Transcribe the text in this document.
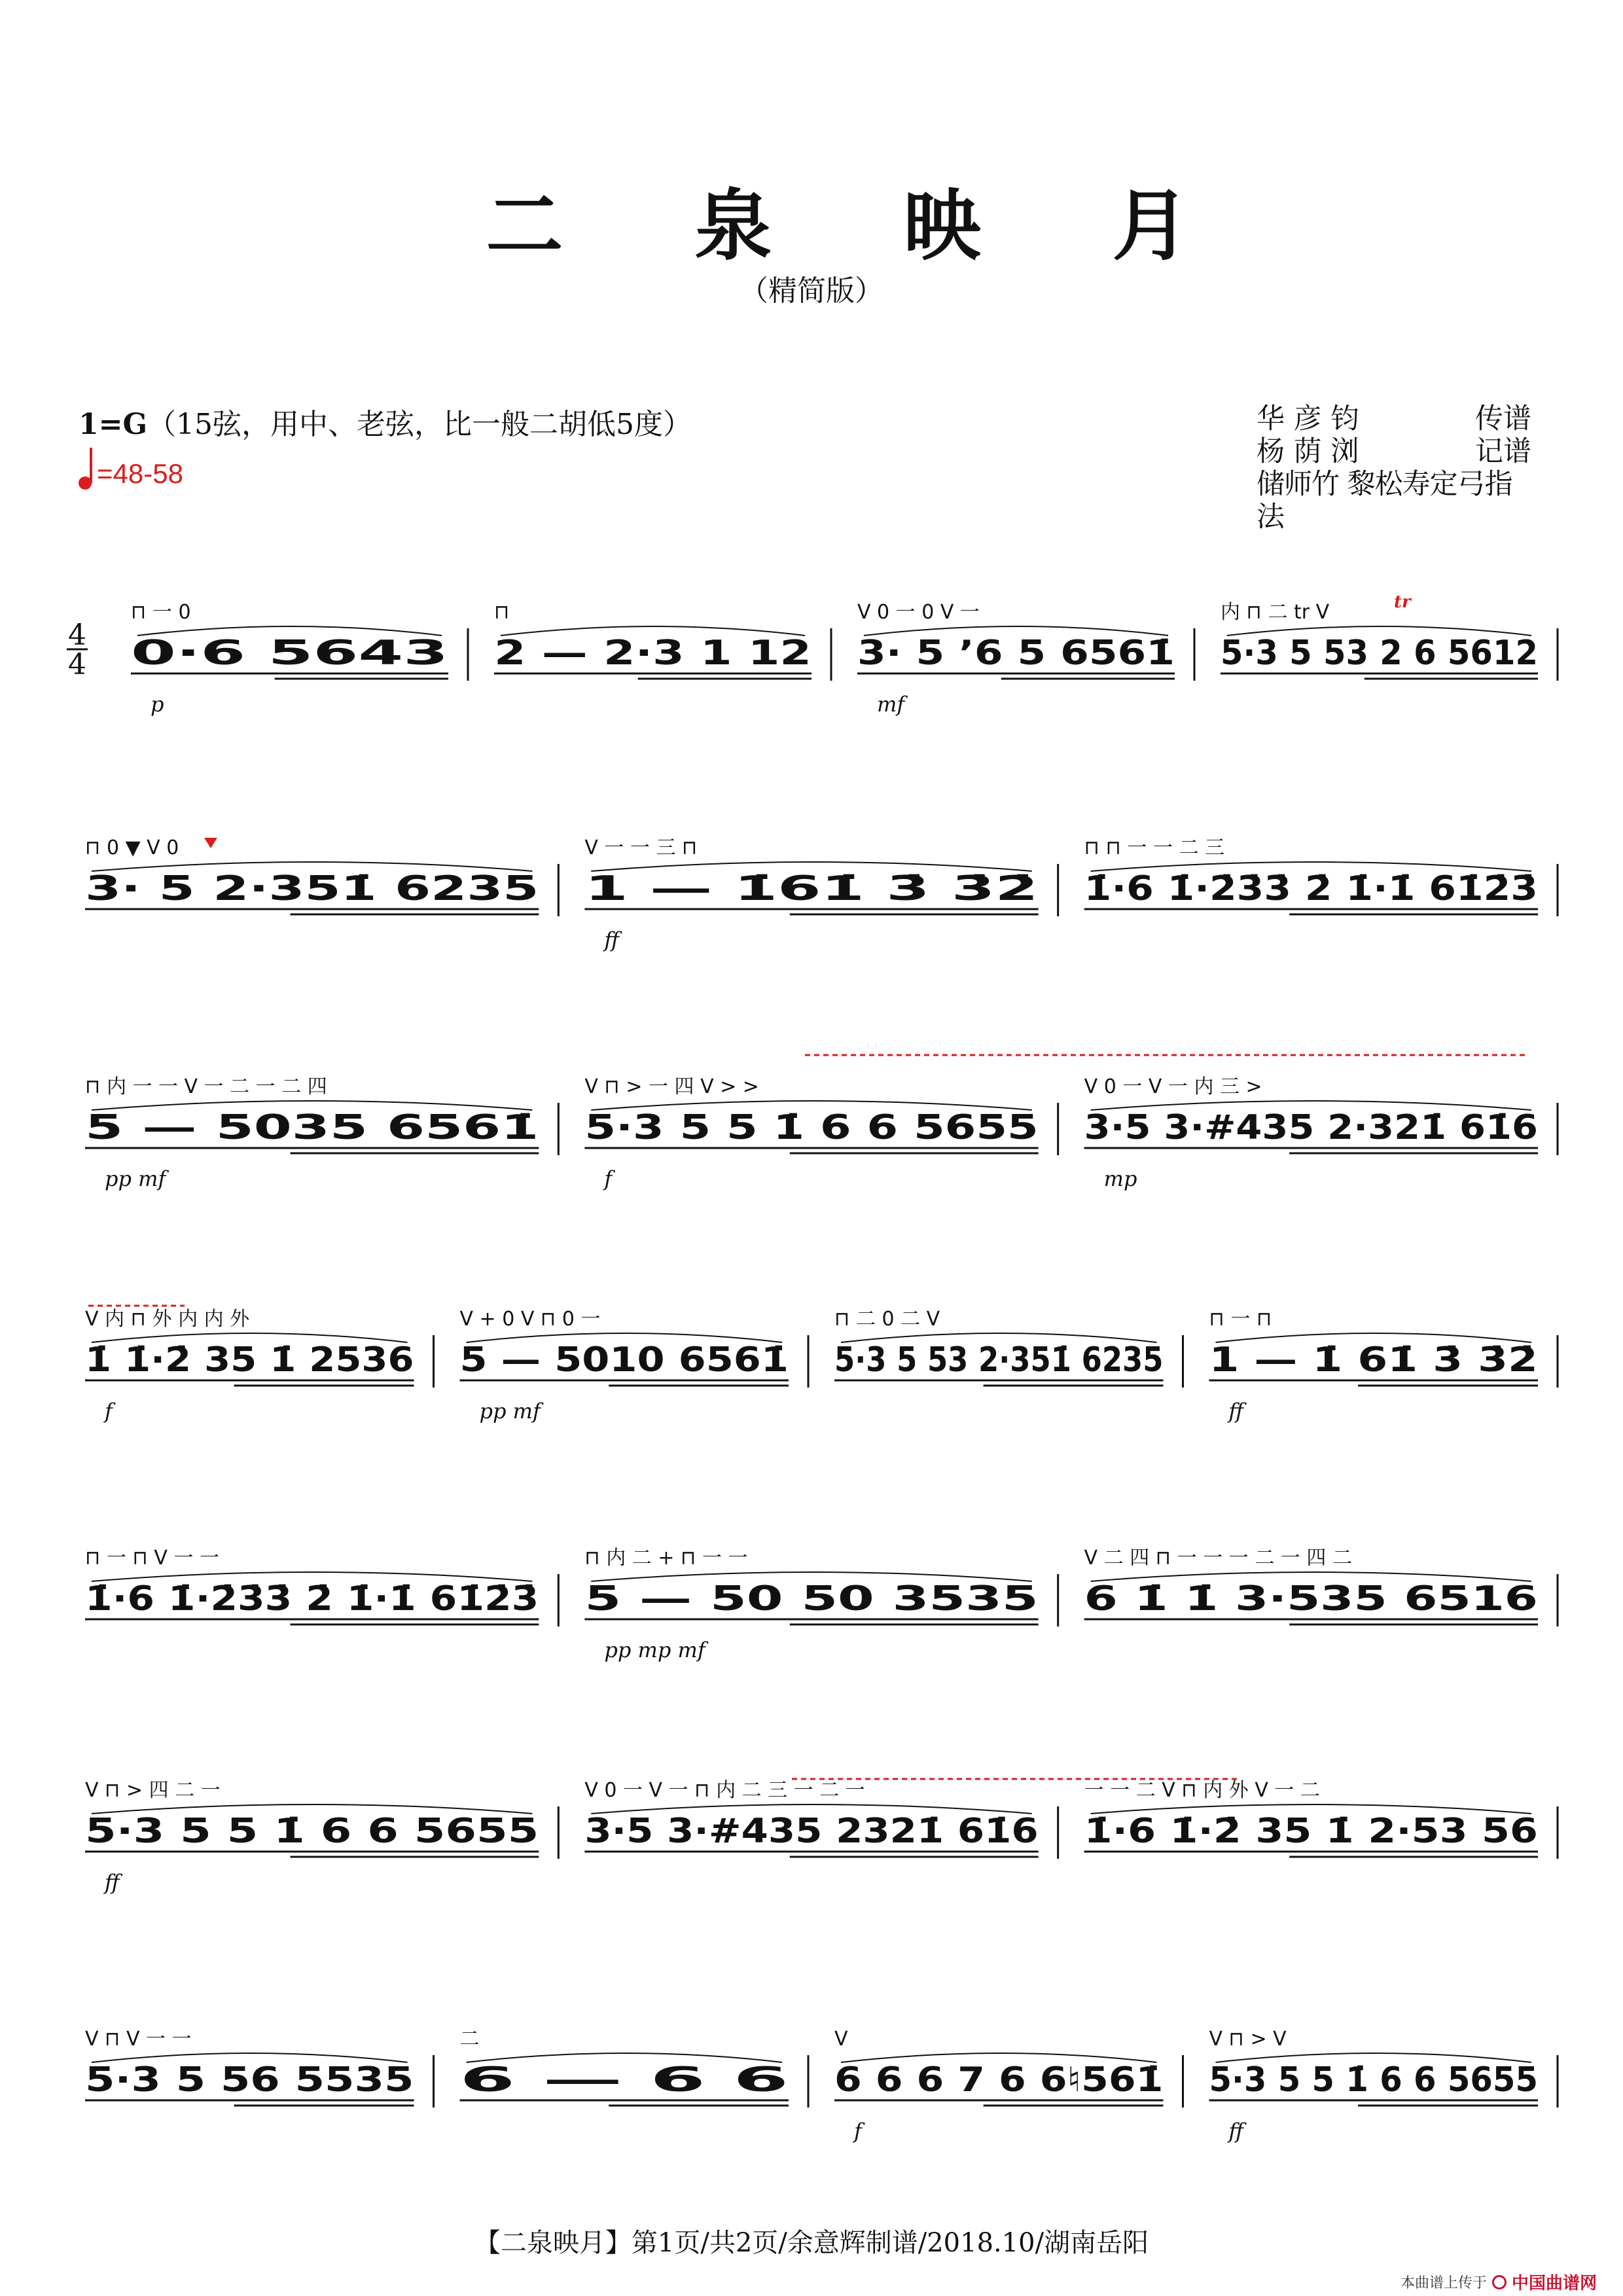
二 泉 映 月
（精简版）
1=G（15弦，用中、老弦，比一般二胡低5度）
=48-58
华 彦 钧	传谱
杨 荫 浏	记谱
储师竹 黎松寿定弓指法
4
4
⊓ 一 0
0·6 5643
p
⊓
2 — 2·3 1 12
V 0 一 0 V 一
3· 5 ’6 5 6561̇
mf
内 ⊓ 二 tr V
5·3 5 53 2 6 5612
⊓ 0 ▼ V 0
3· 5 2·351̇ 6235
V 一 一 三 ⊓
1 — 1̇61̇ 3̇ 3̇2̇
ff
⊓ ⊓ 一 一 二 三
1̇·6 1̇·2̇3̇3̇ 2̇ 1̇·1̇ 61̇2̇3̇
⊓ 内 一 一 V 一 二 一 二 四
5 — 5035 6561̇
pp mf
V ⊓ > 一 四 V > >
5·3 5 5 1̇ 6 6 5655
f
V 0 一 V 一 内 三 >
3·5 3·#435 2·321̇ 61̇6
mp
V 内 ⊓ 外 内 内 外
1̇ 1̇·2̇ 35 1̇ 2536
f
V + 0 V ⊓ 0 一
5 — 5010 6561̇
pp mf
⊓ 二 0 二 V
5·3 5 53 2·351̇ 6235
⊓ 一 ⊓
1 — 1̇ 61̇ 3̇ 3̇2̇
ff
⊓ 一 ⊓ V 一 一
1̇·6 1̇·2̇3̇3̇ 2̇ 1̇·1̇ 61̇2̇3̇
⊓ 内 二 + ⊓ 一 一
5 — 50 50 3535
pp mp mf
V 二 四 ⊓ 一 一 一 二 一 四 二
6 1̇ 1̇ 3·535 6516
V ⊓ > 四 二 一
5·3 5 5 1̇ 6 6 5655
ff
V 0 一 V 一 ⊓ 内 二 三 一 二 一
3·5 3·#435 2321̇ 61̇6
一 一 二 V ⊓ 内 外 V 一 二
1̇·6 1̇·2̇ 35 1̇ 2·53 56
V ⊓ V 一 一
5·3 5 56 5535
二
6 — 6 6
V
6 6 6 7 6 6♮561̇
f
V ⊓ > V
5·3 5 5 1̇ 6 6 5655
ff
tr
【二泉映月】第1页/共2页/余意辉制谱/2018.10/湖南岳阳
本曲谱上传于 中国曲谱网
